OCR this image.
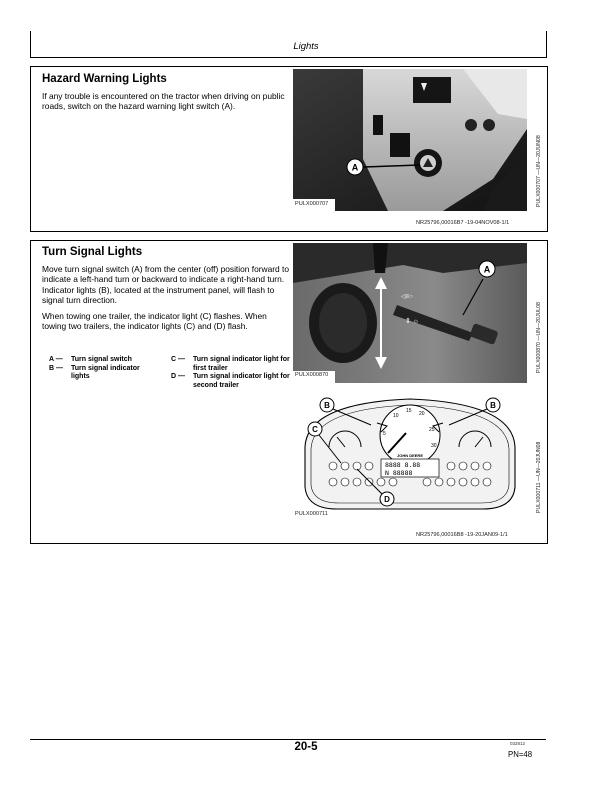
Lights
Hazard Warning Lights

If any trouble is encountered on the tractor when driving on public roads, switch on the hazard warning light switch (A).

A
PULX000707	PULX000707 —UN—20JUN08
NR25796,00016B7 -19-04NOV08-1/1
Turn Signal Lights

Move turn signal switch (A) from the center (off) position forward to indicate a left-hand turn or backward to indicate a right-hand turn. Indicator lights (B), located at the instrument panel, will flash to signal turn direction.

When towing one trailer, the indicator light (C) flashes. When towing two trailers, the indicator lights (C) and (D) flash.

A —	Turn signal switch
B —	Turn signal indicator lights
C —	Turn signal indicator light for first trailer
D —	Turn signal indicator light for second trailer
◁≡○
⇕ ☼
A
PULX000870
PULX000870 —UN—20JUL08
5
10
15 20
25
30
JOHN DEERE
8888 8.88
N 88888
B	B
C
D
PULX000711
PULX000711 —UN—20JUN08
NR25796,00016B8 -19-20JAN09-1/1
20-5	032812
PN=48
